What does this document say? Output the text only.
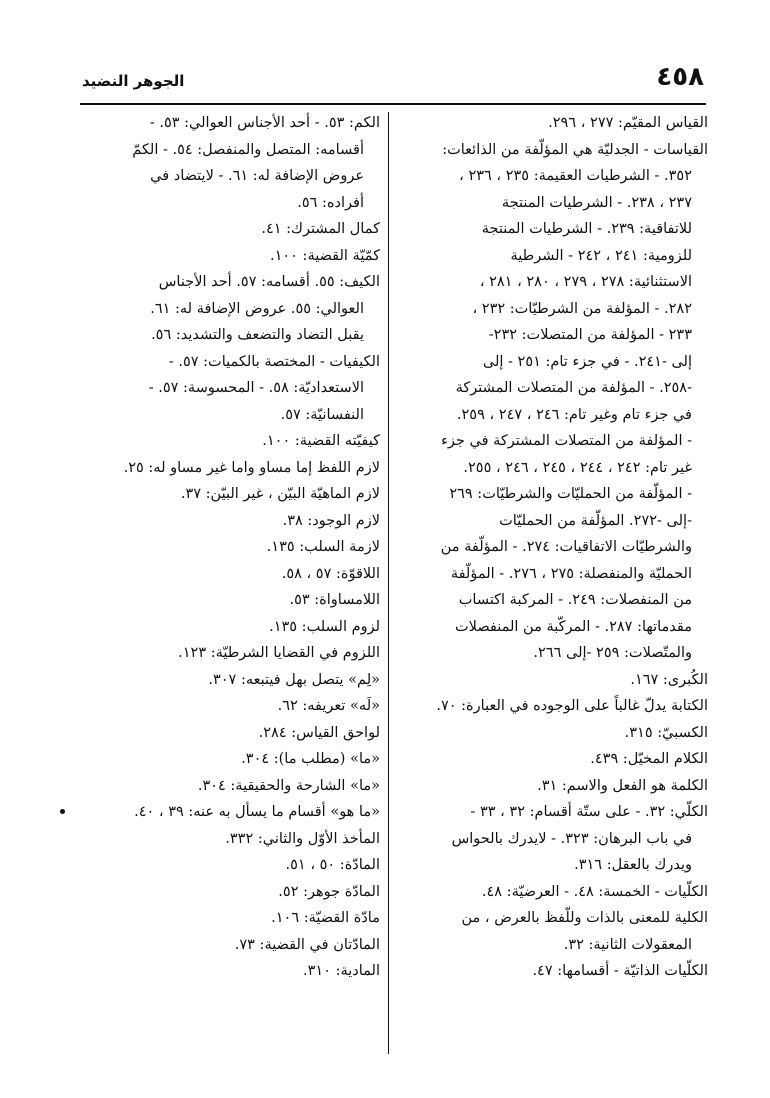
٤٥٨
الجوهر النضيد
القياس المقيّم: ٢٧٧ ، ٢٩٦.
القياسات - الجدليّة هي المؤلّفة من الذائعات:
٣٥٢. - الشرطيات العقيمة: ٢٣٥ ، ٢٣٦ ،
٢٣٧ ، ٢٣٨. - الشرطيات المنتجة
للاتفاقية: ٢٣٩. - الشرطيات المنتجة
للزومية: ٢٤١ ، ٢٤٢ - الشرطية
الاستثنائية: ٢٧٨ ، ٢٧٩ ، ٢٨٠ ، ٢٨١ ،
٢٨٢. - المؤلفة من الشرطيّات: ٢٣٢ ،
٢٣٣ - المؤلفة من المتصلات: ٢٣٢-
إلى -٢٤١. - في جزء تام: ٢٥١ - إلى
-٢٥٨. - المؤلفة من المتصلات المشتركة
في جزء تام وغير تام: ٢٤٦ ، ٢٤٧ ، ٢٥٩.
- المؤلفة من المتصلات المشتركة في جزء
غير تام: ٢٤٢ ، ٢٤٤ ، ٢٤٥ ، ٢٤٦ ، ٢٥٥.
- المؤلّفة من الحمليّات والشرطيّات: ٢٦٩
-إلى -٢٧٢. المؤلّفة من الحمليّات
والشرطيّات الاتفاقيات: ٢٧٤. - المؤلّفة من
الحمليّة والمنفصلة: ٢٧٥ ، ٢٧٦. - المؤلّفة
من المنفصلات: ٢٤٩. - المركبة اكتساب
مقدماتها: ٢٨٧. - المركّبة من المنفصلات
والمتّصلات: ٢٥٩ -إلى ٢٦٦.
الكُبرى: ١٦٧.
الكتابة يدلّ غالباً على الوجوده في العبارة: ٧٠.
الكسبيّ: ٣١٥.
الكلام المخيّل: ٤٣٩.
الكلمة هو الفعل والاسم: ٣١.
الكلّي: ٣٢. - على ستّة أقسام: ٣٢ ، ٣٣ -
في باب البرهان: ٣٢٣. - لايدرك بالحواس
ويدرك بالعقل: ٣١٦.
الكلّيات - الخمسة: ٤٨. - العرضيّة: ٤٨.
الكلية للمعنى بالذات وللّفظ بالعرض ، من
المعقولات الثانية: ٣٢.
الكلّيات الذاتيّة - أقسامها: ٤٧.
الكم: ٥٣. - أحد الأجناس العوالي: ٥٣. -
أقسامه: المتصل والمنفصل: ٥٤. - الكمّ
عروض الإضافة له: ٦١. - لايتضاد في
أفراده: ٥٦.
كمال المشترك: ٤١.
كمّيّة القضية: ١٠٠.
الكيف: ٥٥. أقسامه: ٥٧. أحد الأجناس
العوالي: ٥٥. عروض الإضافة له: ٦١.
يقبل التضاد والتضعف والتشديد: ٥٦.
الكيفيات - المختصة بالكميات: ٥٧. -
الاستعداديّة: ٥٨. - المحسوسة: ٥٧. -
النفسانيّة: ٥٧.
كيفيّته القضية: ١٠٠.
لازم اللفظ إما مساو واما غير مساو له: ٢٥.
لازم الماهيّة البيّن ، غير البيّن: ٣٧.
لازم الوجود: ٣٨.
لازمة السلب: ١٣٥.
اللاقوّة: ٥٧ ، ٥٨.
اللامساواة: ٥٣.
لزوم السلب: ١٣٥.
اللزوم في القضايا الشرطيّة: ١٢٣.
«لِم» يتصل بهل فيتبعه: ٣٠٧.
«لَه» تعريفه: ٦٢.
لواحق القياس: ٢٨٤.
«ما» (مطلب ما): ٣٠٤.
«ما» الشارحة والحقيقية: ٣٠٤.
«ما هو» أقسام ما يسأل به عنه: ٣٩ ، ٤٠.
المأخذ الأوّل والثاني: ٣٣٢.
المادّة: ٥٠ ، ٥١.
المادّة جوهر: ٥٢.
مادّة القضيّة: ١٠٦.
المادّتان في القضية: ٧٣.
المادية: ٣١٠.
